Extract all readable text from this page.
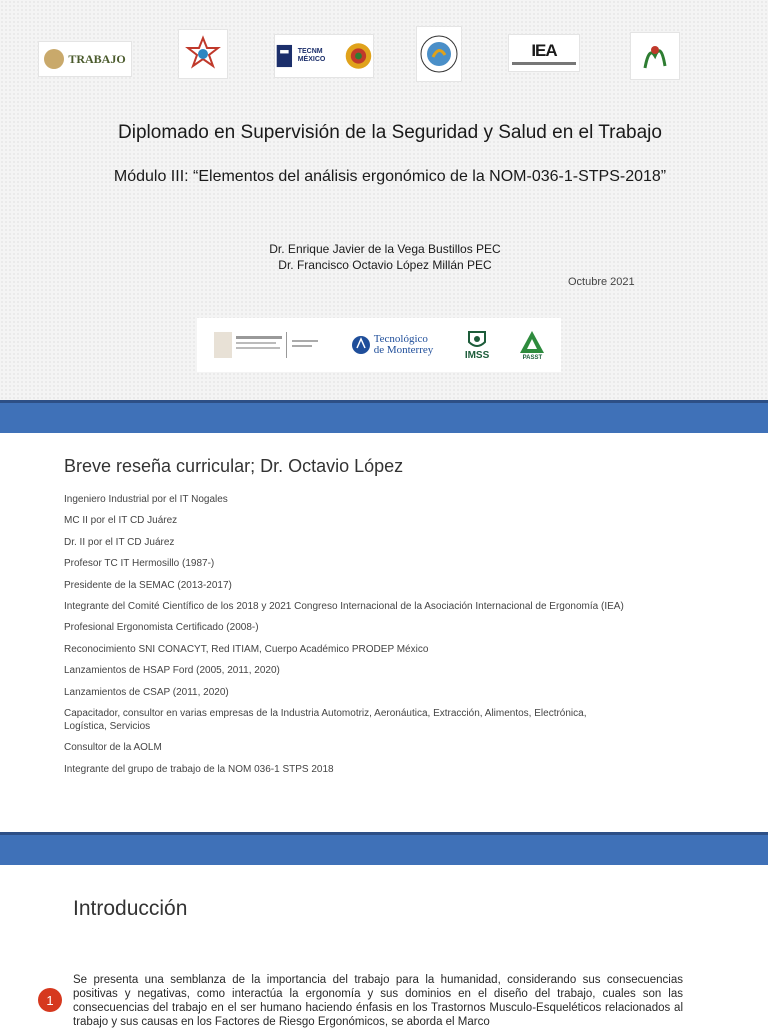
TRABAJO	TECNM MÉXICO	IEA
Diplomado en Supervisión de la Seguridad y Salud en el Trabajo
Módulo III: “Elementos del análisis ergonómico de la NOM-036-1-STPS-2018”
Dr. Enrique Javier de la Vega Bustillos PEC
Dr. Francisco Octavio López Millán PEC
Octubre 2021
Tecnológico de Monterrey	IMSS	PASST
Breve reseña curricular; Dr. Octavio López
Ingeniero Industrial por el IT Nogales
MC II por el IT CD Juárez
Dr. II por el IT CD Juárez
Profesor TC IT Hermosillo (1987-)
Presidente de la SEMAC (2013-2017)
Integrante del Comité Científico de los 2018 y 2021 Congreso Internacional de la Asociación Internacional de Ergonomía (IEA)
Profesional Ergonomista Certificado (2008-)
Reconocimiento SNI CONACYT, Red ITIAM, Cuerpo Académico PRODEP México
Lanzamientos de HSAP Ford (2005, 2011, 2020)
Lanzamientos de CSAP (2011, 2020)
Capacitador, consultor en varias empresas de la Industria Automotriz, Aeronáutica, Extracción, Alimentos, Electrónica, Logística, Servicios
Consultor de la AOLM
Integrante del grupo de trabajo de la NOM 036-1 STPS 2018
Introducción
1
Se presenta una semblanza de la importancia del trabajo para la humanidad, considerando sus consecuencias positivas y negativas, como interactúa la ergonomía y sus dominios en el diseño del trabajo, cuales son las consecuencias del trabajo en el ser humano haciendo énfasis en los Trastornos Musculo-Esqueléticos relacionados al trabajo y sus causas en los Factores de Riesgo Ergonómicos, se aborda el Marco
